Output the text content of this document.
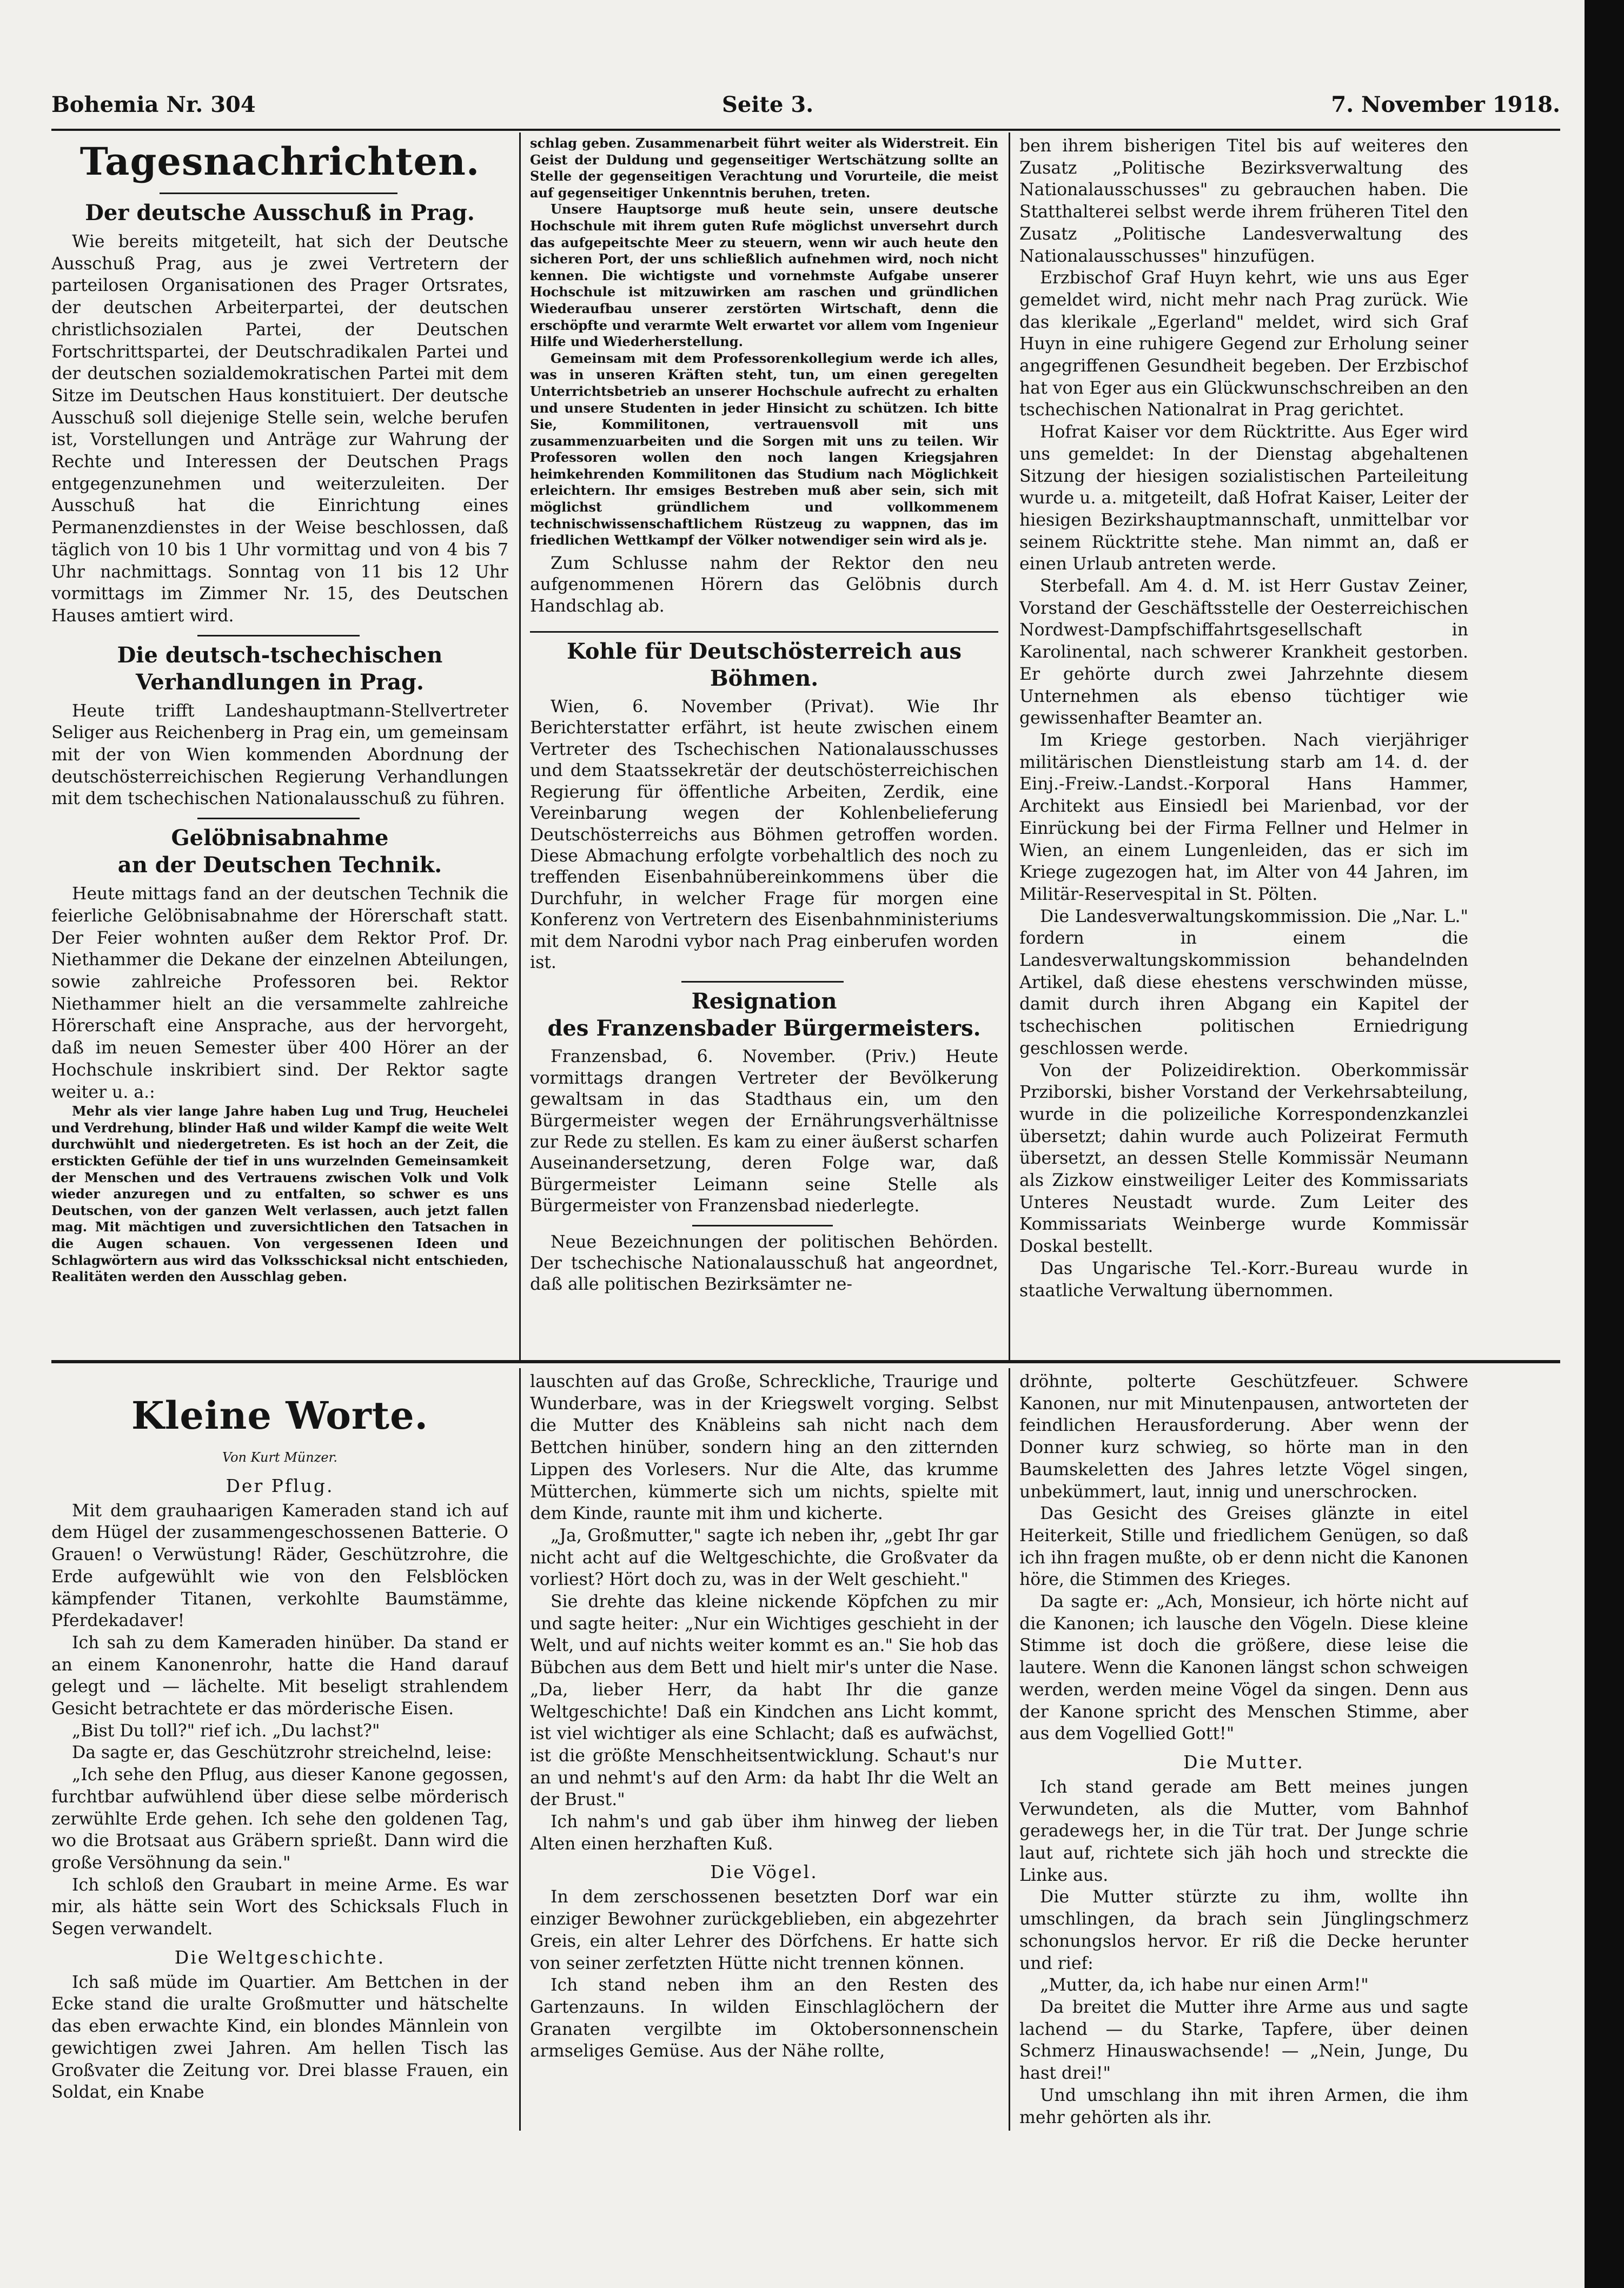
Bohemia Nr. 304	Seite 3.	7. November 1918.
Tagesnachrichten.
Der deutsche Ausschuß in Prag.

Wie bereits mitgeteilt, hat sich der Deutsche Ausschuß Prag, aus je zwei Vertretern der parteilosen Organisationen des Prager Ortsrates, der deutschen Arbeiterpartei, der deutschen christlichsozialen Partei, der Deutschen Fortschrittspartei, der Deutschradikalen Partei und der deutschen sozialdemokratischen Partei mit dem Sitze im Deutschen Haus konstituiert. Der deutsche Ausschuß soll diejenige Stelle sein, welche berufen ist, Vorstellungen und Anträge zur Wahrung der Rechte und Interessen der Deutschen Prags entgegenzunehmen und weiterzuleiten. Der Ausschuß hat die Einrichtung eines Permanenzdienstes in der Weise beschlossen, daß täglich von 10 bis 1 Uhr vormittag und von 4 bis 7 Uhr nachmittags. Sonntag von 11 bis 12 Uhr vormittags im Zimmer Nr. 15, des Deutschen Hauses amtiert wird.

Die deutsch-tschechischen Verhandlungen in Prag.

Heute trifft Landeshauptmann-Stellvertreter Seliger aus Reichenberg in Prag ein, um gemeinsam mit der von Wien kommenden Abordnung der deutschösterreichischen Regierung Verhandlungen mit dem tschechischen Nationalausschuß zu führen.

Gelöbnisabnahme
an der Deutschen Technik.

Heute mittags fand an der deutschen Technik die feierliche Gelöbnisabnahme der Hörerschaft statt. Der Feier wohnten außer dem Rektor Prof. Dr. Niethammer die Dekane der einzelnen Abteilungen, sowie zahlreiche Professoren bei. Rektor Niethammer hielt an die versammelte zahlreiche Hörerschaft eine Ansprache, aus der hervorgeht, daß im neuen Semester über 400 Hörer an der Hochschule inskribiert sind. Der Rektor sagte weiter u. a.:

Mehr als vier lange Jahre haben Lug und Trug, Heuchelei und Verdrehung, blinder Haß und wilder Kampf die weite Welt durchwühlt und niedergetreten. Es ist hoch an der Zeit, die erstickten Gefühle der tief in uns wurzelnden Gemeinsamkeit der Menschen und des Vertrauens zwischen Volk und Volk wieder anzuregen und zu entfalten, so schwer es uns Deutschen, von der ganzen Welt verlassen, auch jetzt fallen mag. Mit mächtigen und zuversichtlichen den Tatsachen in die Augen schauen. Von vergessenen Ideen und Schlagwörtern aus wird das Volksschicksal nicht entschieden, Realitäten werden den Ausschlag geben.

schlag geben. Zusammenarbeit führt weiter als Widerstreit. Ein Geist der Duldung und gegenseitiger Wertschätzung sollte an Stelle der gegenseitigen Verachtung und Vorurteile, die meist auf gegenseitiger Unkenntnis beruhen, treten.

Unsere Hauptsorge muß heute sein, unsere deutsche Hochschule mit ihrem guten Rufe möglichst unversehrt durch das aufgepeitschte Meer zu steuern, wenn wir auch heute den sicheren Port, der uns schließlich aufnehmen wird, noch nicht kennen. Die wichtigste und vornehmste Aufgabe unserer Hochschule ist mitzuwirken am raschen und gründlichen Wiederaufbau unserer zerstörten Wirtschaft, denn die erschöpfte und verarmte Welt erwartet vor allem vom Ingenieur Hilfe und Wiederherstellung.

Gemeinsam mit dem Professorenkollegium werde ich alles, was in unseren Kräften steht, tun, um einen geregelten Unterrichtsbetrieb an unserer Hochschule aufrecht zu erhalten und unsere Studenten in jeder Hinsicht zu schützen. Ich bitte Sie, Kommilitonen, vertrauensvoll mit uns zusammenzuarbeiten und die Sorgen mit uns zu teilen. Wir Professoren wollen den noch langen Kriegsjahren heimkehrenden Kommilitonen das Studium nach Möglichkeit erleichtern. Ihr emsiges Bestreben muß aber sein, sich mit möglichst gründlichem und vollkommenem technischwissenschaftlichem Rüstzeug zu wappnen, das im friedlichen Wettkampf der Völker notwendiger sein wird als je.

Zum Schlusse nahm der Rektor den neu aufgenommenen Hörern das Gelöbnis durch Handschlag ab.

Kohle für Deutschösterreich aus Böhmen.

Wien, 6. November (Privat). Wie Ihr Berichterstatter erfährt, ist heute zwischen einem Vertreter des Tschechischen Nationalausschusses und dem Staatssekretär der deutschösterreichischen Regierung für öffentliche Arbeiten, Zerdik, eine Vereinbarung wegen der Kohlenbelieferung Deutschösterreichs aus Böhmen getroffen worden. Diese Abmachung erfolgte vorbehaltlich des noch zu treffenden Eisenbahnübereinkommens über die Durchfuhr, in welcher Frage für morgen eine Konferenz von Vertretern des Eisenbahnministeriums mit dem Narodni vybor nach Prag einberufen worden ist.

Resignation
des Franzensbader Bürgermeisters.

Franzensbad, 6. November. (Priv.) Heute vormittags drangen Vertreter der Bevölkerung gewaltsam in das Stadthaus ein, um den Bürgermeister wegen der Ernährungsverhältnisse zur Rede zu stellen. Es kam zu einer äußerst scharfen Auseinandersetzung, deren Folge war, daß Bürgermeister Leimann seine Stelle als Bürgermeister von Franzensbad niederlegte.

Neue Bezeichnungen der politischen Behörden. Der tschechische Nationalausschuß hat angeordnet, daß alle politischen Bezirksämter ne-

ben ihrem bisherigen Titel bis auf weiteres den Zusatz „Politische Bezirksverwaltung des Nationalausschusses" zu gebrauchen haben. Die Statthalterei selbst werde ihrem früheren Titel den Zusatz „Politische Landesverwaltung des Nationalausschusses" hinzufügen.

Erzbischof Graf Huyn kehrt, wie uns aus Eger gemeldet wird, nicht mehr nach Prag zurück. Wie das klerikale „Egerland" meldet, wird sich Graf Huyn in eine ruhigere Gegend zur Erholung seiner angegriffenen Gesundheit begeben. Der Erzbischof hat von Eger aus ein Glückwunschschreiben an den tschechischen Nationalrat in Prag gerichtet.

Hofrat Kaiser vor dem Rücktritte. Aus Eger wird uns gemeldet: In der Dienstag abgehaltenen Sitzung der hiesigen sozialistischen Parteileitung wurde u. a. mitgeteilt, daß Hofrat Kaiser, Leiter der hiesigen Bezirkshauptmannschaft, unmittelbar vor seinem Rücktritte stehe. Man nimmt an, daß er einen Urlaub antreten werde.

Sterbefall. Am 4. d. M. ist Herr Gustav Zeiner, Vorstand der Geschäftsstelle der Oesterreichischen Nordwest-Dampfschiffahrtsgesellschaft in Karolinental, nach schwerer Krankheit gestorben. Er gehörte durch zwei Jahrzehnte diesem Unternehmen als ebenso tüchtiger wie gewissenhafter Beamter an.

Im Kriege gestorben. Nach vierjähriger militärischen Dienstleistung starb am 14. d. der Einj.-Freiw.-Landst.-Korporal Hans Hammer, Architekt aus Einsiedl bei Marienbad, vor der Einrückung bei der Firma Fellner und Helmer in Wien, an einem Lungenleiden, das er sich im Kriege zugezogen hat, im Alter von 44 Jahren, im Militär-Reservespital in St. Pölten.

Die Landesverwaltungskommission. Die „Nar. L." fordern in einem die Landesverwaltungskommission behandelnden Artikel, daß diese ehestens verschwinden müsse, damit durch ihren Abgang ein Kapitel der tschechischen politischen Erniedrigung geschlossen werde.

Von der Polizeidirektion. Oberkommissär Prziborski, bisher Vorstand der Verkehrsabteilung, wurde in die polizeiliche Korrespondenzkanzlei übersetzt; dahin wurde auch Polizeirat Fermuth übersetzt, an dessen Stelle Kommissär Neumann als Zizkow einstweiliger Leiter des Kommissariats Unteres Neustadt wurde. Zum Leiter des Kommissariats Weinberge wurde Kommissär Doskal bestellt.

Das Ungarische Tel.-Korr.-Bureau wurde in staatliche Verwaltung übernommen.

Kleine Worte.
Von Kurt Münzer.
Der Pflug.

Mit dem grauhaarigen Kameraden stand ich auf dem Hügel der zusammengeschossenen Batterie. O Grauen! o Verwüstung! Räder, Geschützrohre, die Erde aufgewühlt wie von den Felsblöcken kämpfender Titanen, verkohlte Baumstämme, Pferdekadaver!

Ich sah zu dem Kameraden hinüber. Da stand er an einem Kanonenrohr, hatte die Hand darauf gelegt und — lächelte. Mit beseligt strahlendem Gesicht betrachtete er das mörderische Eisen.

„Bist Du toll?" rief ich. „Du lachst?"

Da sagte er, das Geschützrohr streichelnd, leise:

„Ich sehe den Pflug, aus dieser Kanone gegossen, furchtbar aufwühlend über diese selbe mörderisch zerwühlte Erde gehen. Ich sehe den goldenen Tag, wo die Brotsaat aus Gräbern sprießt. Dann wird die große Versöhnung da sein."

Ich schloß den Graubart in meine Arme. Es war mir, als hätte sein Wort des Schicksals Fluch in Segen verwandelt.

Die Weltgeschichte.

Ich saß müde im Quartier. Am Bettchen in der Ecke stand die uralte Großmutter und hätschelte das eben erwachte Kind, ein blondes Männlein von gewichtigen zwei Jahren. Am hellen Tisch las Großvater die Zeitung vor. Drei blasse Frauen, ein Soldat, ein Knabe

lauschten auf das Große, Schreckliche, Traurige und Wunderbare, was in der Kriegswelt vorging. Selbst die Mutter des Knäbleins sah nicht nach dem Bettchen hinüber, sondern hing an den zitternden Lippen des Vorlesers. Nur die Alte, das krumme Mütterchen, kümmerte sich um nichts, spielte mit dem Kinde, raunte mit ihm und kicherte.

„Ja, Großmutter," sagte ich neben ihr, „gebt Ihr gar nicht acht auf die Weltgeschichte, die Großvater da vorliest? Hört doch zu, was in der Welt geschieht."

Sie drehte das kleine nickende Köpfchen zu mir und sagte heiter: „Nur ein Wichtiges geschieht in der Welt, und auf nichts weiter kommt es an." Sie hob das Bübchen aus dem Bett und hielt mir's unter die Nase. „Da, lieber Herr, da habt Ihr die ganze Weltgeschichte! Daß ein Kindchen ans Licht kommt, ist viel wichtiger als eine Schlacht; daß es aufwächst, ist die größte Menschheitsentwicklung. Schaut's nur an und nehmt's auf den Arm: da habt Ihr die Welt an der Brust."

Ich nahm's und gab über ihm hinweg der lieben Alten einen herzhaften Kuß.

Die Vögel.

In dem zerschossenen besetzten Dorf war ein einziger Bewohner zurückgeblieben, ein abgezehrter Greis, ein alter Lehrer des Dörfchens. Er hatte sich von seiner zerfetzten Hütte nicht trennen können.

Ich stand neben ihm an den Resten des Gartenzauns. In wilden Einschlaglöchern der Granaten vergilbte im Oktobersonnenschein armseliges Gemüse. Aus der Nähe rollte,

dröhnte, polterte Geschützfeuer. Schwere Kanonen, nur mit Minutenpausen, antworteten der feindlichen Herausforderung. Aber wenn der Donner kurz schwieg, so hörte man in den Baumskeletten des Jahres letzte Vögel singen, unbekümmert, laut, innig und unerschrocken.

Das Gesicht des Greises glänzte in eitel Heiterkeit, Stille und friedlichem Genügen, so daß ich ihn fragen mußte, ob er denn nicht die Kanonen höre, die Stimmen des Krieges.

Da sagte er: „Ach, Monsieur, ich hörte nicht auf die Kanonen; ich lausche den Vögeln. Diese kleine Stimme ist doch die größere, diese leise die lautere. Wenn die Kanonen längst schon schweigen werden, werden meine Vögel da singen. Denn aus der Kanone spricht des Menschen Stimme, aber aus dem Vogellied Gott!"

Die Mutter.

Ich stand gerade am Bett meines jungen Verwundeten, als die Mutter, vom Bahnhof geradewegs her, in die Tür trat. Der Junge schrie laut auf, richtete sich jäh hoch und streckte die Linke aus.

Die Mutter stürzte zu ihm, wollte ihn umschlingen, da brach sein Jünglingschmerz schonungslos hervor. Er riß die Decke herunter und rief:

„Mutter, da, ich habe nur einen Arm!"

Da breitet die Mutter ihre Arme aus und sagte lachend — du Starke, Tapfere, über deinen Schmerz Hinauswachsende! — „Nein, Junge, Du hast drei!"

Und umschlang ihn mit ihren Armen, die ihm mehr gehörten als ihr.
